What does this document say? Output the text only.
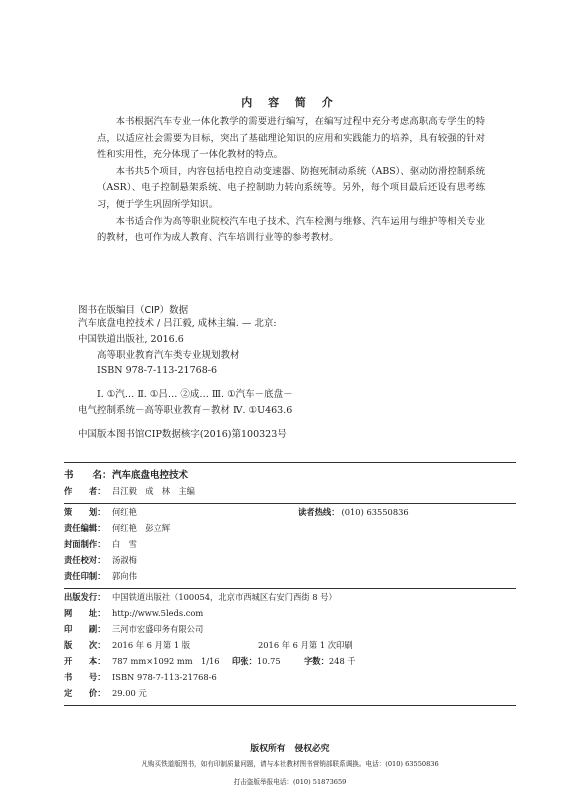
内 容 简 介

本书根据汽车专业一体化教学的需要进行编写，在编写过程中充分考虑高职高专学生的特点，以适应社会需要为目标，突出了基础理论知识的应用和实践能力的培养，具有较强的针对性和实用性，充分体现了一体化教材的特点。

本书共5个项目，内容包括电控自动变速器、防抱死制动系统（ABS）、驱动防滑控制系统（ASR）、电子控制悬架系统、电子控制助力转向系统等。另外，每个项目最后还设有思考练习，便于学生巩固所学知识。

本书适合作为高等职业院校汽车电子技术、汽车检测与维修、汽车运用与维护等相关专业的教材，也可作为成人教育、汽车培训行业等的参考教材。

图书在版编目（CIP）数据
汽车底盘电控技术 / 吕江毅, 成林主编. — 北京:
中国铁道出版社, 2016.6
高等职业教育汽车类专业规划教材
ISBN 978-7-113-21768-6
Ⅰ. ①汽… Ⅱ. ①吕… ②成… Ⅲ. ①汽车－底盘－
电气控制系统－高等职业教育－教材 Ⅳ. ①U463.6
中国版本图书馆CIP数据核字(2016)第100323号
书　　名：汽车底盘电控技术
作　　者： 吕江毅　成　林　主编
策　　划： 何红艳	读者热线： (010) 63550836
责任编辑： 何红艳　彭立辉
封面制作： 白　雪
责任校对： 汤淑梅
责任印制： 郭向伟
出版发行： 中国铁道出版社（100054，北京市西城区右安门西街 8 号）
网　　址： http://www.5leds.com
印　　刷： 三河市宏盛印务有限公司
版　　次： 2016 年 6 月第 1 版	2016 年 6 月第 1 次印刷
开　　本： 787 mm×1092 mm　1/16 印张：10.75	字数：248 千
书　　号： ISBN 978-7-113-21768-6
定　　价： 29.00 元
版权所有　侵权必究
凡购买铁道版图书，如有印制质量问题，请与本社教材图书营销部联系调换。电话：(010) 63550836
打击盗版举报电话：(010) 51873659
